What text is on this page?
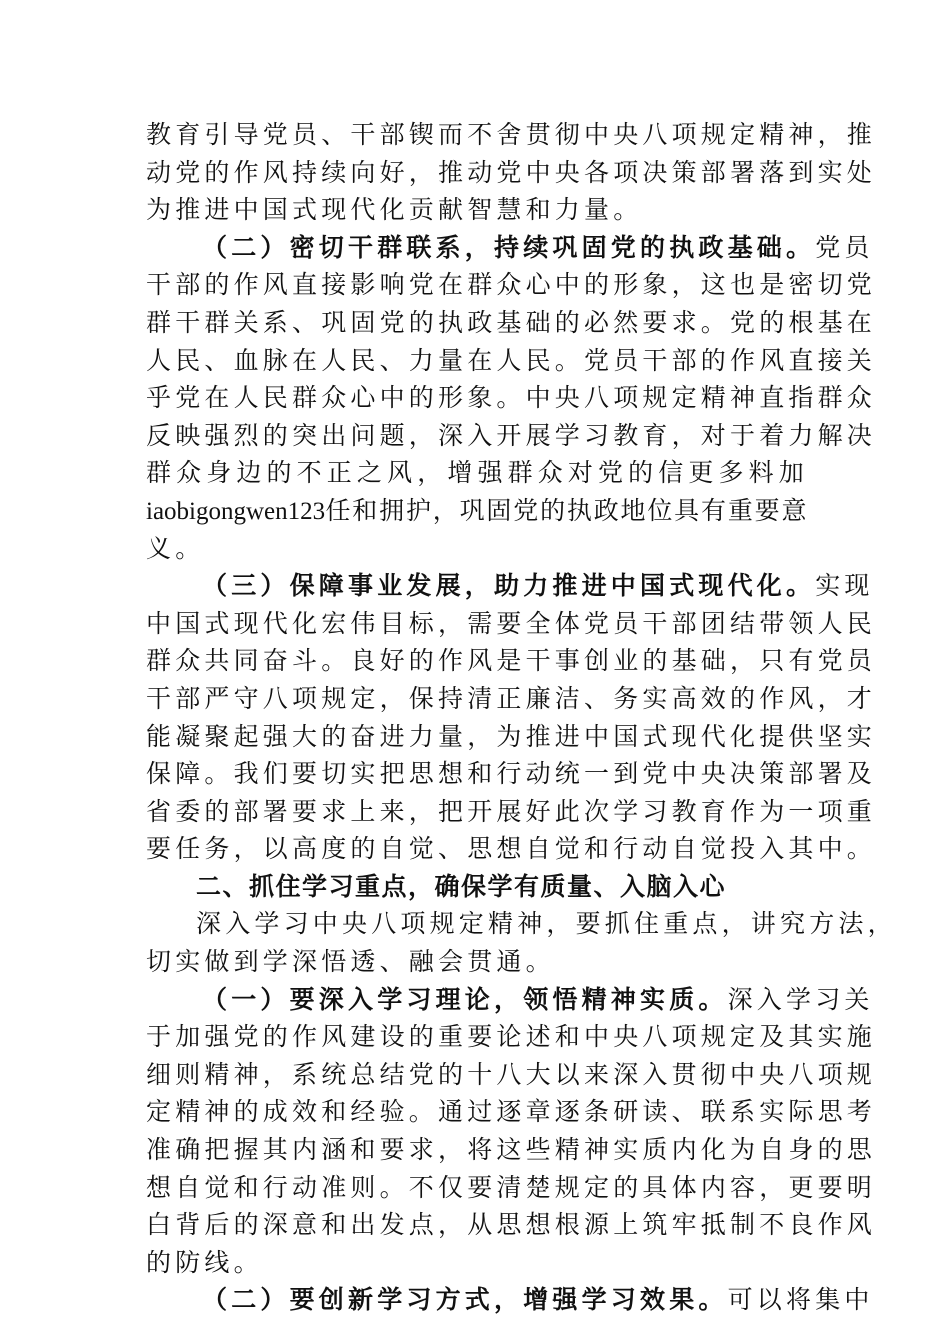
教育引导党员、干部锲而不舍贯彻中央八项规定精神，推
动党的作风持续向好，推动党中央各项决策部署落到实处
为推进中国式现代化贡献智慧和力量。
（二）密切干群联系，持续巩固党的执政基础。党员
干部的作风直接影响党在群众心中的形象，这也是密切党
群干群关系、巩固党的执政基础的必然要求。党的根基在
人民、血脉在人民、力量在人民。党员干部的作风直接关
乎党在人民群众心中的形象。中央八项规定精神直指群众
反映强烈的突出问题，深入开展学习教育，对于着力解决
群众身边的不正之风，增强群众对党的信更多料加
iaobigongwen123任和拥护，巩固党的执政地位具有重要意
义。
（三）保障事业发展，助力推进中国式现代化。实现
中国式现代化宏伟目标，需要全体党员干部团结带领人民
群众共同奋斗。良好的作风是干事创业的基础，只有党员
干部严守八项规定，保持清正廉洁、务实高效的作风，才
能凝聚起强大的奋进力量，为推进中国式现代化提供坚实
保障。我们要切实把思想和行动统一到党中央决策部署及
省委的部署要求上来，把开展好此次学习教育作为一项重
要任务，以高度的自觉、思想自觉和行动自觉投入其中。
二、抓住学习重点，确保学有质量、入脑入心
深入学习中央八项规定精神，要抓住重点，讲究方法，
切实做到学深悟透、融会贯通。
（一）要深入学习理论，领悟精神实质。深入学习关
于加强党的作风建设的重要论述和中央八项规定及其实施
细则精神，系统总结党的十八大以来深入贯彻中央八项规
定精神的成效和经验。通过逐章逐条研读、联系实际思考
准确把握其内涵和要求，将这些精神实质内化为自身的思
想自觉和行动准则。不仅要清楚规定的具体内容，更要明
白背后的深意和出发点，从思想根源上筑牢抵制不良作风
的防线。
（二）要创新学习方式，增强学习效果。可以将集中
